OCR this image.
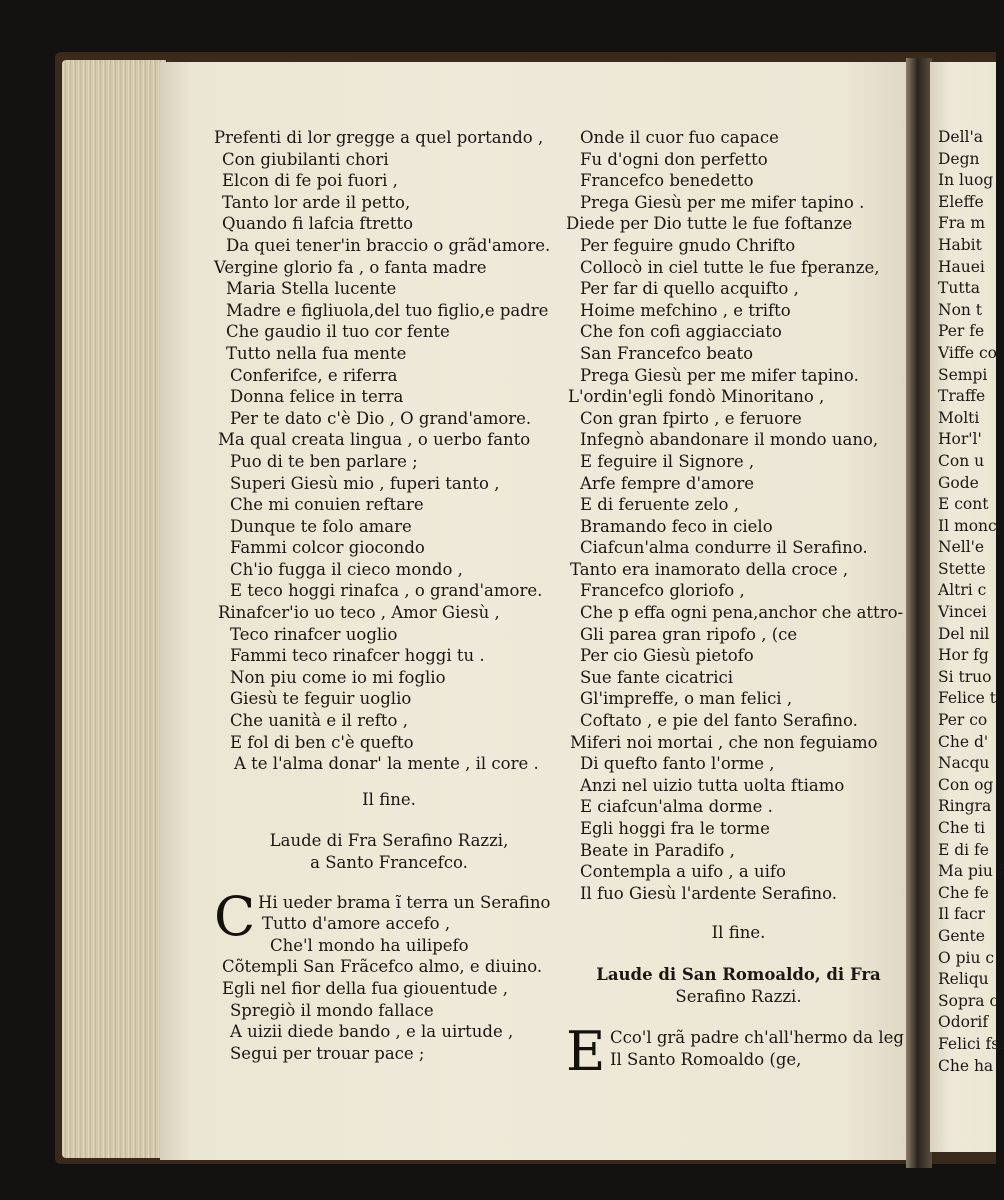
Prefenti di lor gregge a quel portando ,
Con giubilanti chori
Elcon di fe poi fuori ,
Tanto lor arde il petto,
Quando fi lafcia ftretto
Da quei tener'in braccio o grãd'amore.
Vergine glorio fa , o fanta madre
Maria Stella lucente
Madre e figliuola,del tuo figlio,e padre
Che gaudio il tuo cor fente
Tutto nella fua mente
Conferifce, e riferra
Donna felice in terra
Per te dato c'è Dio , O grand'amore.
Ma qual creata lingua , o uerbo fanto
Puo di te ben parlare ;
Superi Giesù mio , fuperi tanto ,
Che mi conuien reftare
Dunque te folo amare
Fammi colcor giocondo
Ch'io fugga il cieco mondo ,
E teco hoggi rinafca , o grand'amore.
Rinafcer'io uo teco , Amor Giesù ,
Teco rinafcer uoglio
Fammi teco rinafcer hoggi tu .
Non piu come io mi foglio
Giesù te feguir uoglio
Che uanità e il refto ,
E fol di ben c'è quefto
A te l'alma donar' la mente , il core .
Il fine.
Laude di Fra Serafino Razzi,
a Santo Francefco.
C Hi ueder brama ĩ terra un Serafino
Tutto d'amore accefo ,
Che'l mondo ha uilipefo
Cõtempli San Frãcefco almo, e diuino.
Egli nel fior della fua giouentude ,
Spregiò il mondo fallace
A uizii diede bando , e la uirtude ,
Segui per trouar pace ;
Onde il cuor fuo capace
Fu d'ogni don perfetto
Francefco benedetto
Prega Giesù per me mifer tapino .
Diede per Dio tutte le fue foftanze
Per feguire gnudo Chrifto
Collocò in ciel tutte le fue fperanze,
Per far di quello acquifto ,
Hoime mefchino , e trifto
Che fon cofi aggiacciato
San Francefco beato
Prega Giesù per me mifer tapino.
L'ordin'egli fondò Minoritano ,
Con gran fpirto , e feruore
Infegnò abandonare il mondo uano,
E feguire il Signore ,
Arfe fempre d'amore
E di feruente zelo ,
Bramando feco in cielo
Ciafcun'alma condurre il Serafino.
Tanto era inamorato della croce ,
Francefco gloriofo ,
Che p effa ogni pena,anchor che attro-
Gli parea gran ripofo , (ce
Per cio Giesù pietofo
Sue fante cicatrici
Gl'impreffe, o man felici ,
Coftato , e pie del fanto Serafino.
Miferi noi mortai , che non feguiamo
Di quefto fanto l'orme ,
Anzi nel uizio tutta uolta ftiamo
E ciafcun'alma dorme .
Egli hoggi fra le torme
Beate in Paradifo ,
Contempla a uifo , a uifo
Il fuo Giesù l'ardente Serafino.
Il fine.
Laude di San Romoaldo, di Fra
Serafino Razzi.
E Cco'l grã padre ch'all'hermo da leg
Il Santo Romoaldo (ge,
Dell'a
Degn
In luog
Eleffe
Fra m
Habit
Hauei
Tutta
Non t
Per fe
Viffe co
Sempi
Traffe
Molti
Hor'l'
Con u
Gode
E cont
Il monc
Nell'e
Stette
Altri c
Vincei
Del nil
Hor fg
Si truo
Felice t
Per co
Che d'
Nacqu
Con og
Ringra
Che ti
E di fe
Ma piu f
Che fe
Il facr
Gente
O piu c
Reliqu
Sopra c
Odorif
Felici fsi
Che ha
